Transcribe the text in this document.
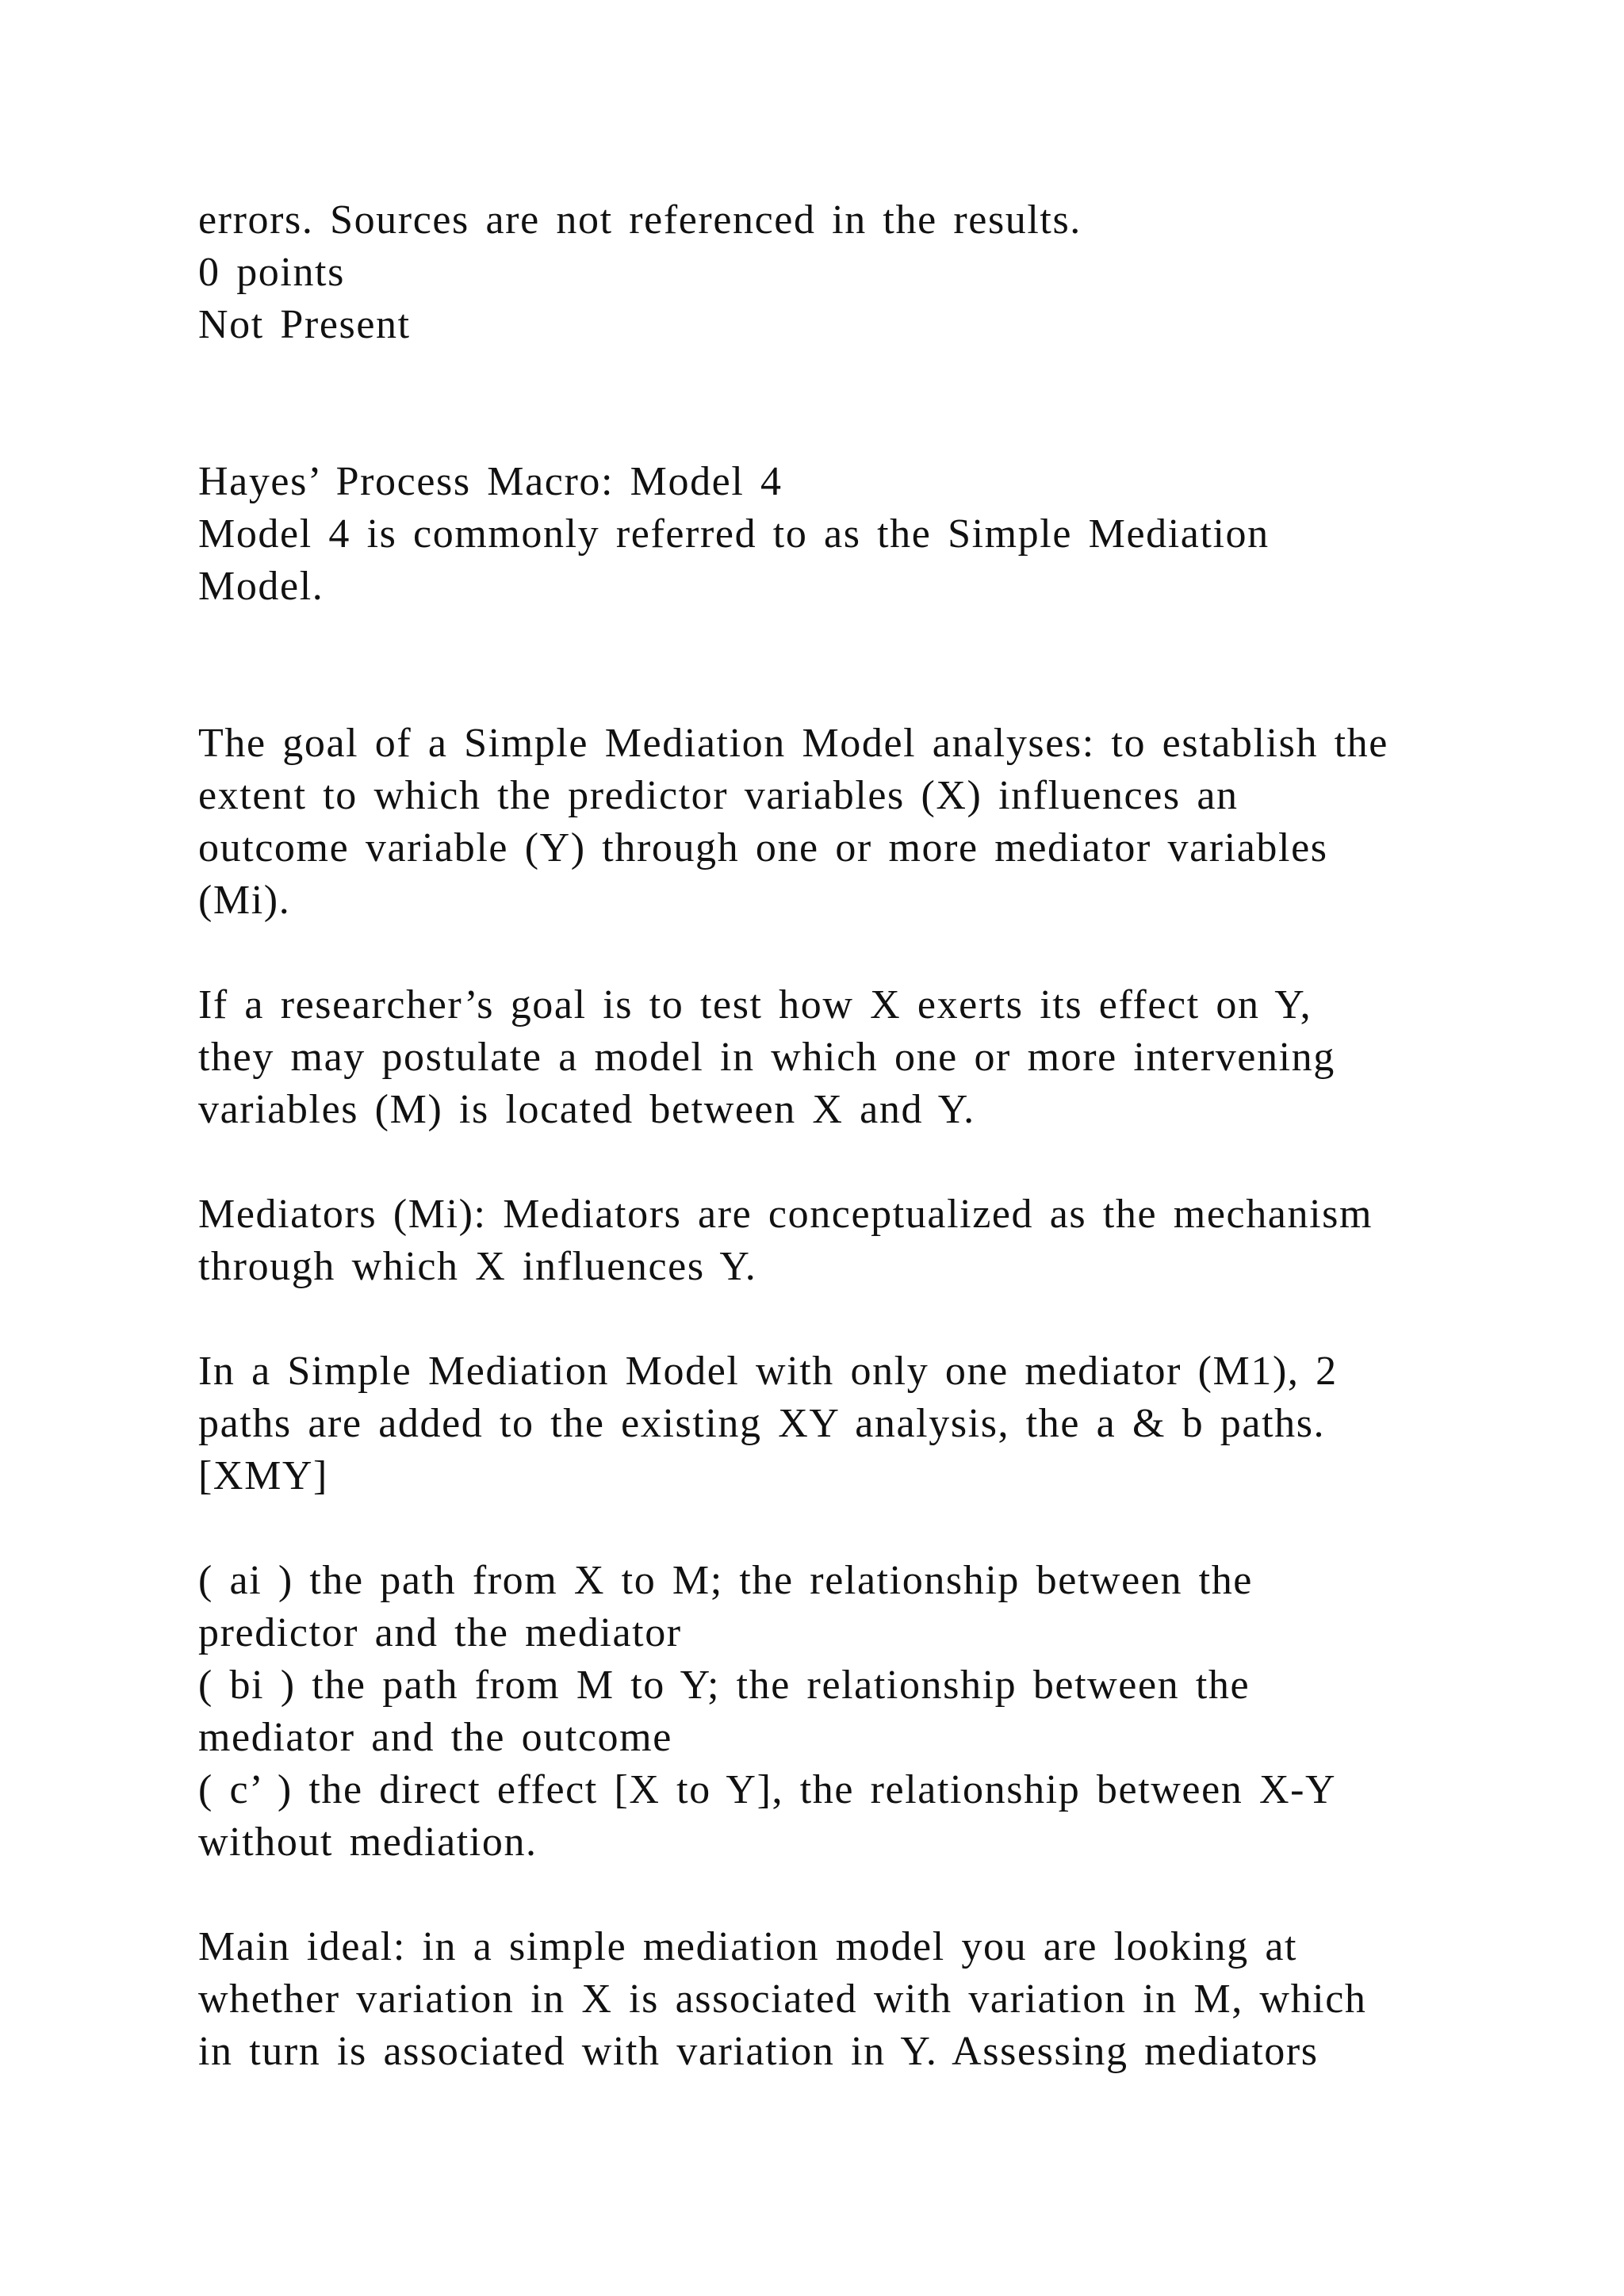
errors. Sources are not referenced in the results.
0 points
Not Present
Hayes’ Process Macro: Model 4
Model 4 is commonly referred to as the Simple Mediation
Model.
The goal of a Simple Mediation Model analyses: to establish the
extent to which the predictor variables (X) influences an
outcome variable (Y) through one or more mediator variables
(Mi).
If a researcher’s goal is to test how X exerts its effect on Y,
they may postulate a model in which one or more intervening
variables (M) is located between X and Y.
Mediators (Mi): Mediators are conceptualized as the mechanism
through which X influences Y.
In a Simple Mediation Model with only one mediator (M1), 2
paths are added to the existing XY analysis, the a & b paths.
[XMY]
( ai ) the path from X to M; the relationship between the
predictor and the mediator
( bi ) the path from M to Y; the relationship between the
mediator and the outcome
( c’ ) the direct effect [X to Y], the relationship between X-Y
without mediation.
Main ideal: in a simple mediation model you are looking at
whether variation in X is associated with variation in M, which
in turn is associated with variation in Y. Assessing mediators
